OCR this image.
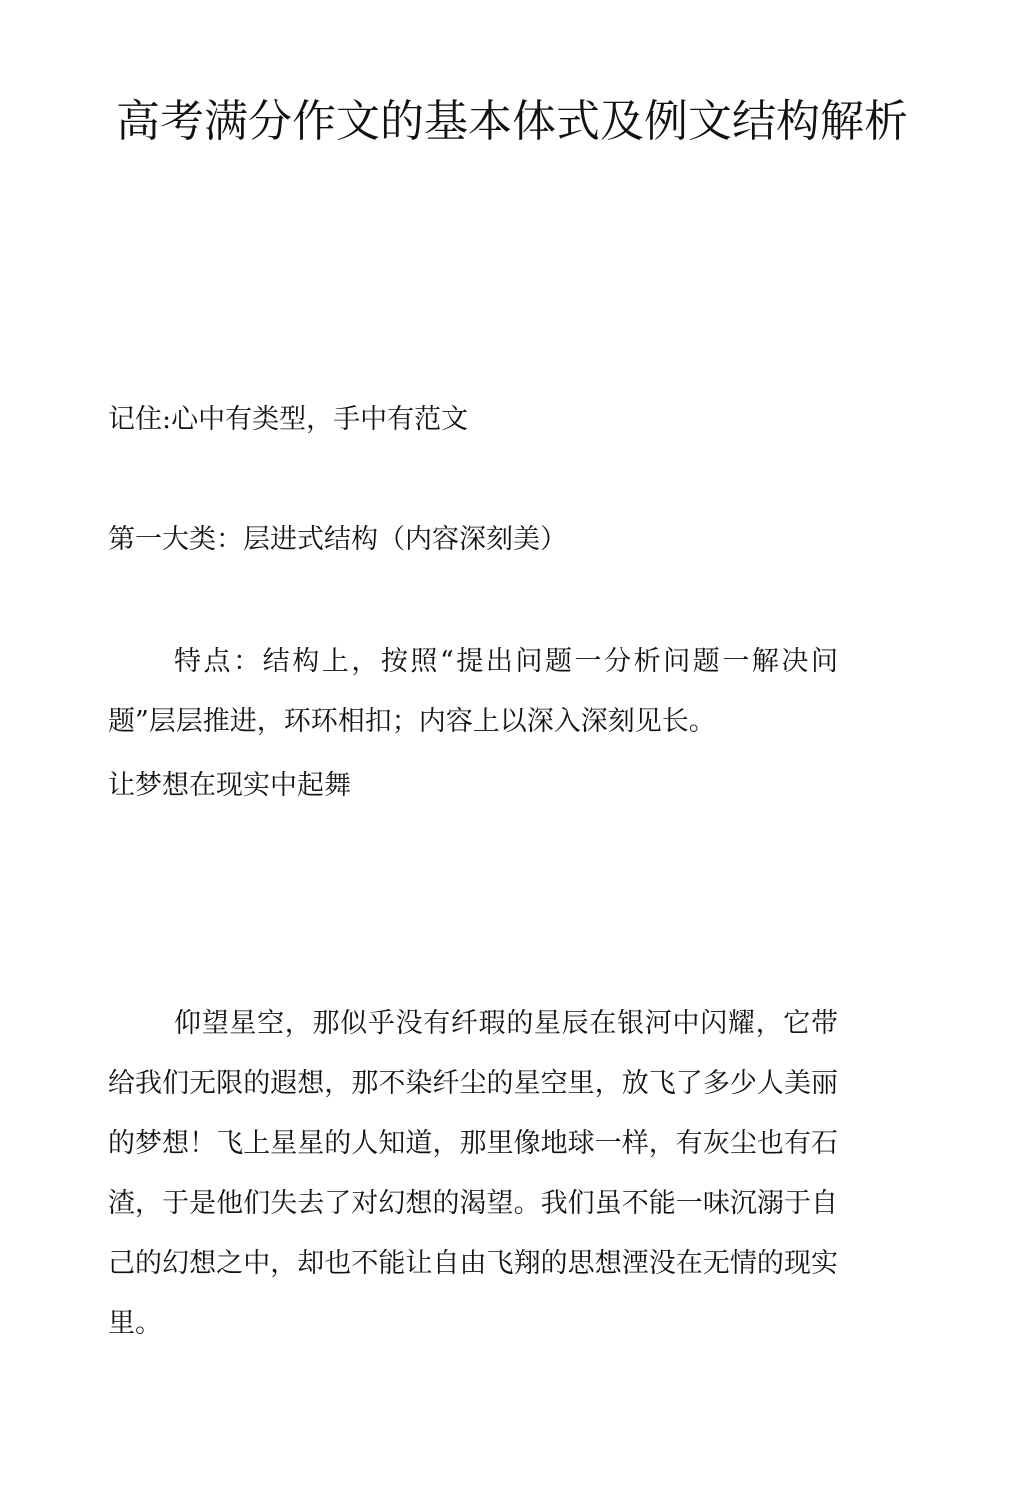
高考满分作文的基本体式及例文结构解析

记住:心中有类型，手中有范文

第一大类：层进式结构（内容深刻美）

特点：结构上，按照“提出问题一分析问题一解决问题”层层推进，环环相扣；内容上以深入深刻见长。

让梦想在现实中起舞

仰望星空，那似乎没有纤瑕的星辰在银河中闪耀，它带给我们无限的遐想，那不染纤尘的星空里，放飞了多少人美丽的梦想！飞上星星的人知道，那里像地球一样，有灰尘也有石渣，于是他们失去了对幻想的渴望。我们虽不能一味沉溺于自己的幻想之中，却也不能让自由飞翔的思想湮没在无情的现实里。
